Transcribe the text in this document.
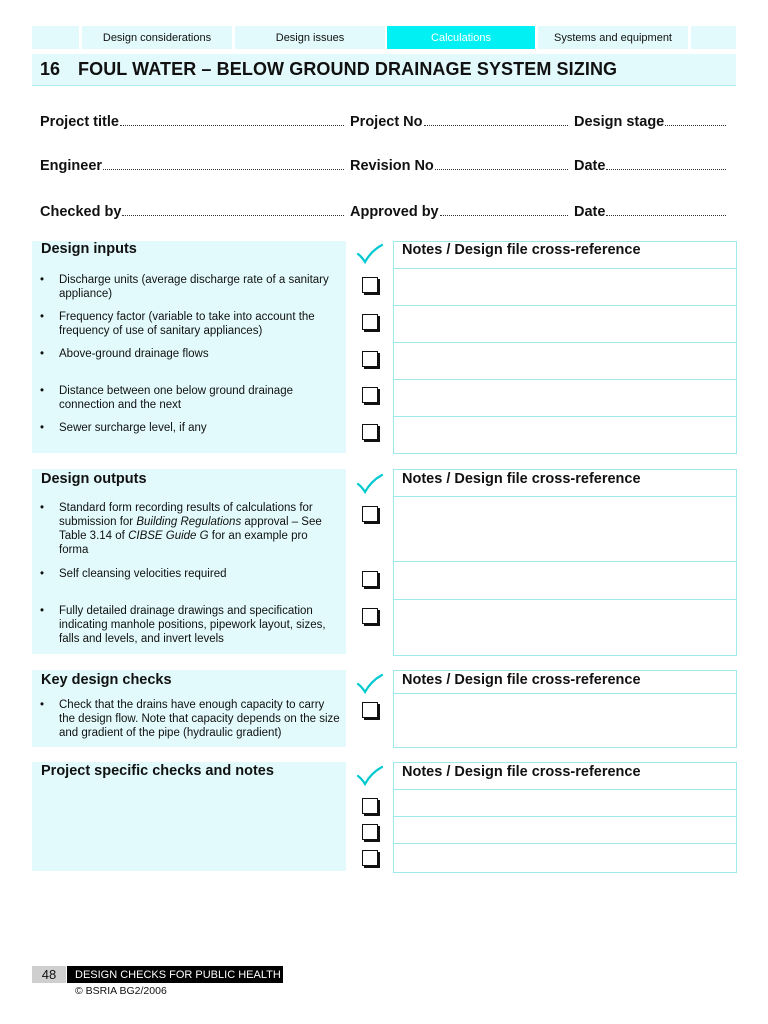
Design considerations	Design issues	Calculations	Systems and equipment
16 FOUL WATER – BELOW GROUND DRAINAGE SYSTEM SIZING
Project title	Project No	Design stage
Engineer	Revision No	Date
Checked by	Approved by	Date
Design inputs
•	Discharge units (average discharge rate of a sanitary appliance)
•	Frequency factor (variable to take into account the frequency of use of sanitary appliances)
•	Above-ground drainage flows
•	Distance between one below ground drainage connection and the next
•	Sewer surcharge level, if any
Notes / Design file cross-reference
Design outputs
•	Standard form recording results of calculations for submission for Building Regulations approval – See Table 3.14 of CIBSE Guide G for an example pro forma
•	Self cleansing velocities required
•	Fully detailed drainage drawings and specification indicating manhole positions, pipework layout, sizes, falls and levels, and invert levels
Notes / Design file cross-reference
Key design checks
•	Check that the drains have enough capacity to carry the design flow. Note that capacity depends on the size and gradient of the pipe (hydraulic gradient)
Notes / Design file cross-reference
Project specific checks and notes	Notes / Design file cross-reference
48	DESIGN CHECKS FOR PUBLIC HEALTH
© BSRIA BG2/2006
